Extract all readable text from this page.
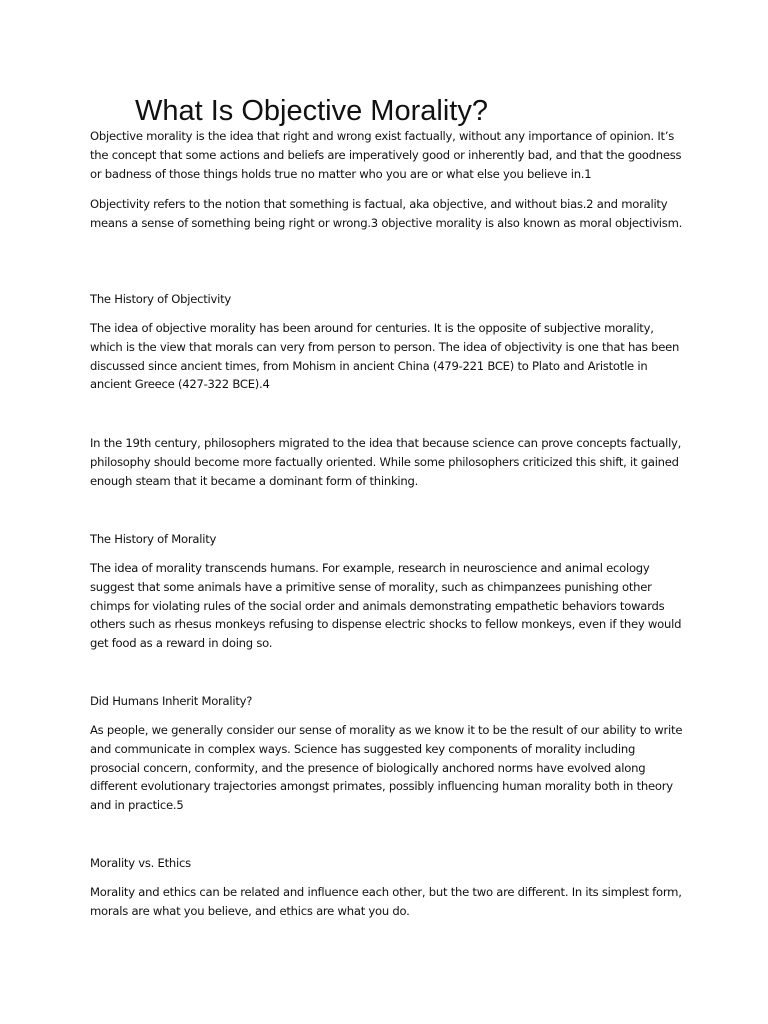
What Is Objective Morality?

Objective morality is the idea that right and wrong exist factually, without any importance of opinion. It’s the concept that some actions and beliefs are imperatively good or inherently bad, and that the goodness or badness of those things holds true no matter who you are or what else you believe in.1

Objectivity refers to the notion that something is factual, aka objective, and without bias.2 and morality means a sense of something being right or wrong.3 objective morality is also known as moral objectivism.

The History of Objectivity

The idea of objective morality has been around for centuries. It is the opposite of subjective morality, which is the view that morals can very from person to person. The idea of objectivity is one that has been discussed since ancient times, from Mohism in ancient China (479-221 BCE) to Plato and Aristotle in ancient Greece (427-322 BCE).4

In the 19th century, philosophers migrated to the idea that because science can prove concepts factually, philosophy should become more factually oriented. While some philosophers criticized this shift, it gained enough steam that it became a dominant form of thinking.

The History of Morality

The idea of morality transcends humans. For example, research in neuroscience and animal ecology suggest that some animals have a primitive sense of morality, such as chimpanzees punishing other chimps for violating rules of the social order and animals demonstrating empathetic behaviors towards others such as rhesus monkeys refusing to dispense electric shocks to fellow monkeys, even if they would get food as a reward in doing so.

Did Humans Inherit Morality?

As people, we generally consider our sense of morality as we know it to be the result of our ability to write and communicate in complex ways. Science has suggested key components of morality including prosocial concern, conformity, and the presence of biologically anchored norms have evolved along different evolutionary trajectories amongst primates, possibly influencing human morality both in theory and in practice.5

Morality vs. Ethics

Morality and ethics can be related and influence each other, but the two are different. In its simplest form, morals are what you believe, and ethics are what you do.
